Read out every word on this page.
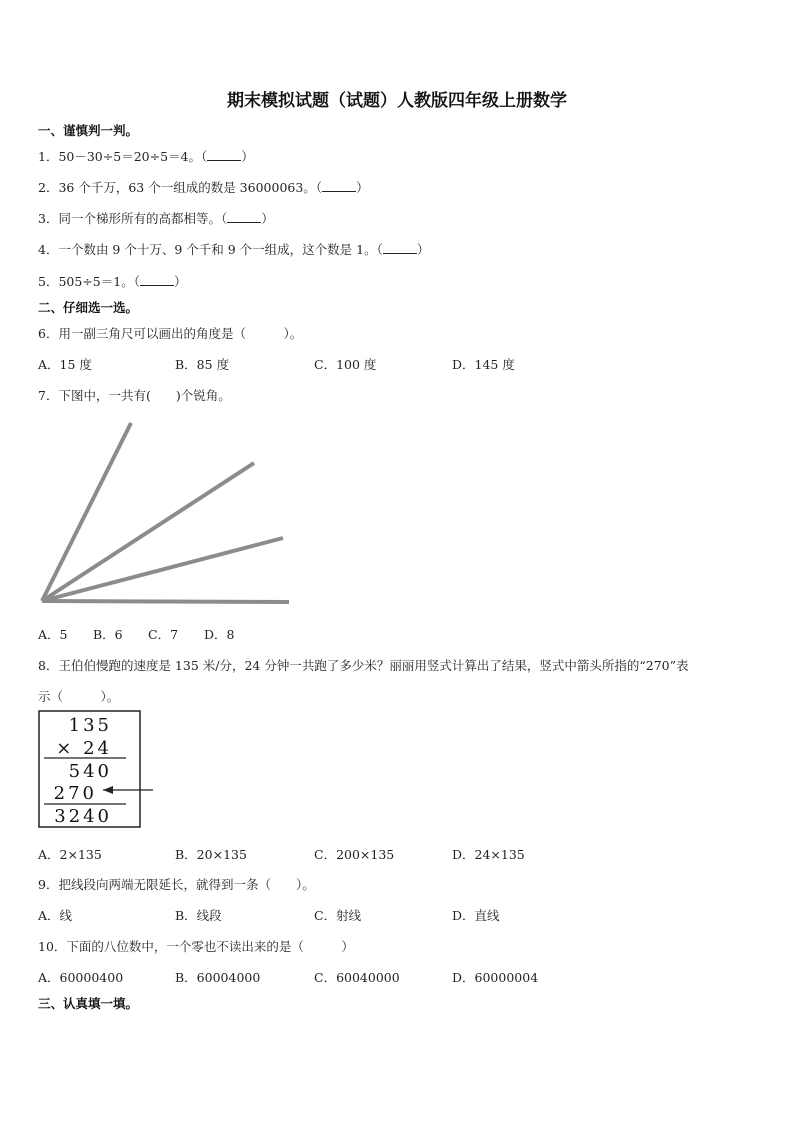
期末模拟试题（试题）人教版四年级上册数学
一、谨慎判一判。
1．50－30÷5＝20÷5＝4。（	）
2．36 个千万，63 个一组成的数是 36000063。（	）
3．同一个梯形所有的高都相等。（	）
4．一个数由 9 个十万、9 个千和 9 个一组成，这个数是 1。（	）
5．505÷5＝1。（	）
二、仔细选一选。
6．用一副三角尺可以画出的角度是（　　　）。
A．15 度	B．85 度	C．100 度	D．145 度
7．下图中，一共有(　　)个锐角。
A．5 B．6 C．7 D．8
8．王伯伯慢跑的速度是 135 米/分，24 分钟一共跑了多少米？丽丽用竖式计算出了结果，竖式中箭头所指的“270”表
示（　　　）。
135
× 24
540
270
3240
A．2×135	B．20×135	C．200×135	D．24×135
9．把线段向两端无限延长，就得到一条（　　）。
A．线	B．线段	C．射线	D．直线
10．下面的八位数中，一个零也不读出来的是（　　　）
A．60000400	B．60004000	C．60040000	D．60000004
三、认真填一填。
